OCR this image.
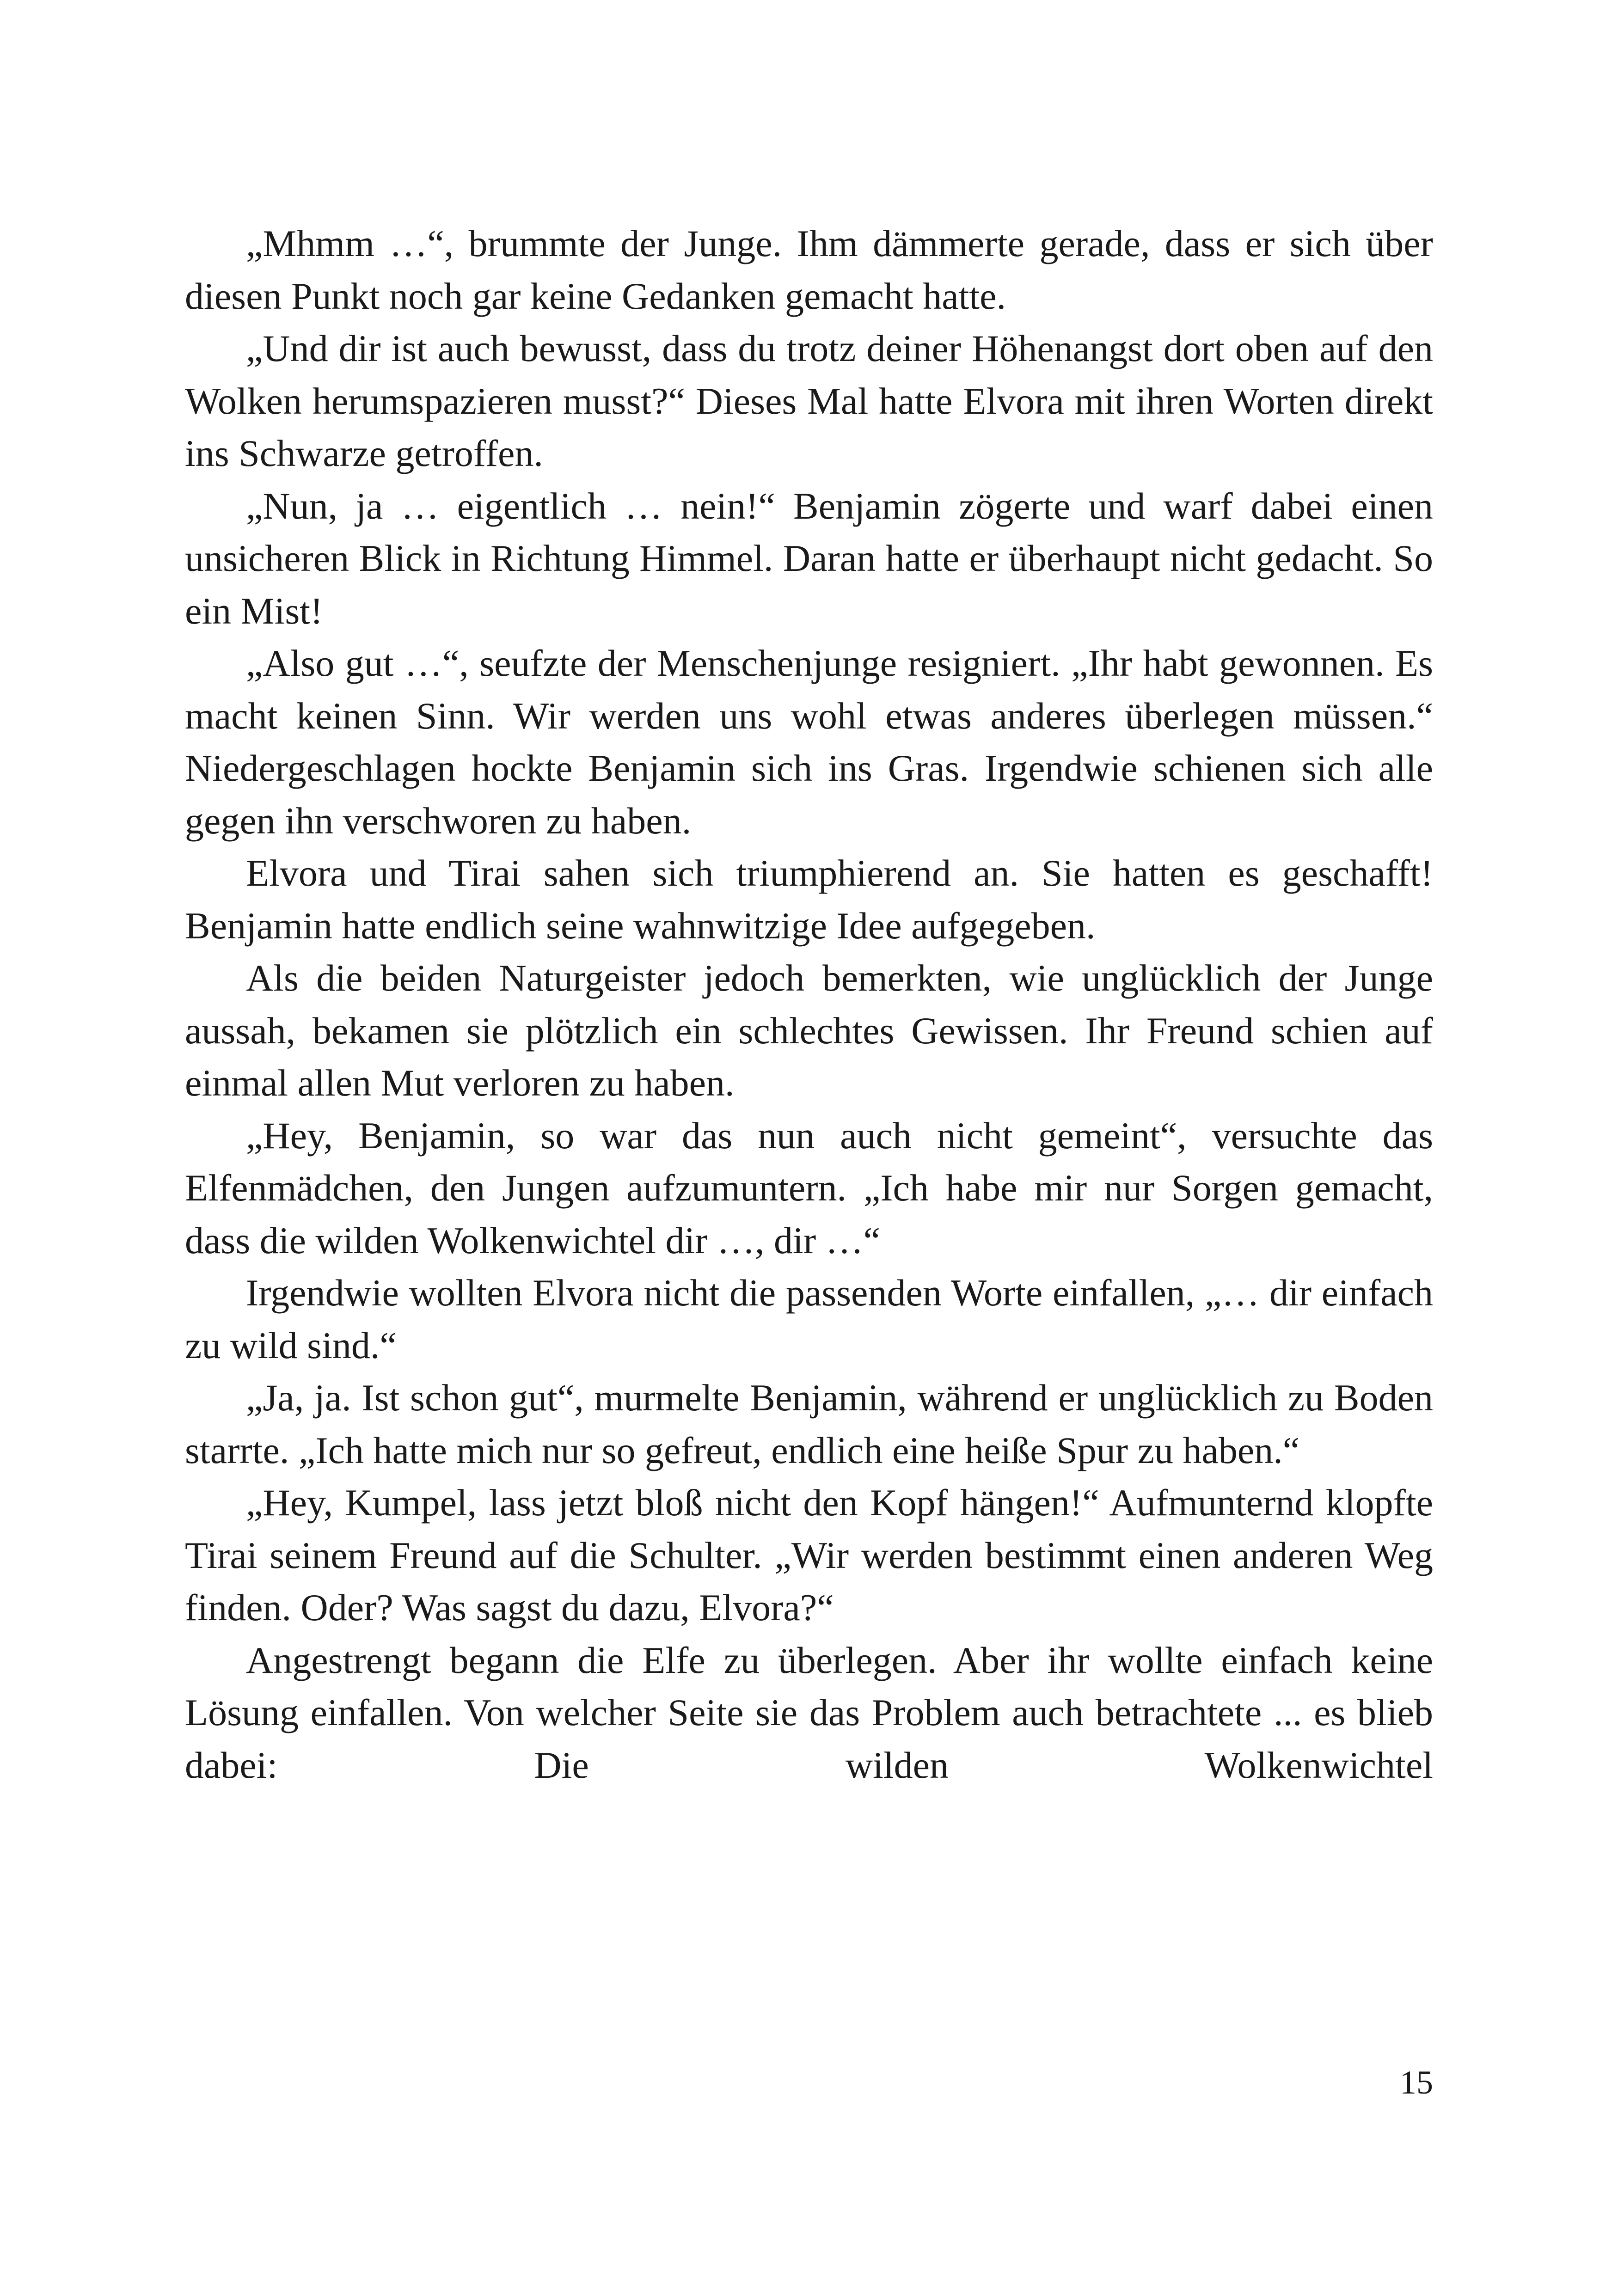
„Mhmm …“, brummte der Junge. Ihm dämmerte gerade, dass er sich über diesen Punkt noch gar keine Gedanken gemacht hatte.

„Und dir ist auch bewusst, dass du trotz deiner Höhenangst dort oben auf den Wolken herumspazieren musst?“ Dieses Mal hatte Elvora mit ihren Worten direkt ins Schwarze getroffen.

„Nun, ja … eigentlich … nein!“ Benjamin zögerte und warf dabei einen unsicheren Blick in Richtung Himmel. Daran hatte er überhaupt nicht gedacht. So ein Mist!

„Also gut …“, seufzte der Menschenjunge resigniert. „Ihr habt gewonnen. Es macht keinen Sinn. Wir werden uns wohl etwas anderes überlegen müssen.“ Niedergeschlagen hockte Benjamin sich ins Gras. Irgendwie schienen sich alle gegen ihn verschworen zu haben.

Elvora und Tirai sahen sich triumphierend an. Sie hatten es geschafft! Benjamin hatte endlich seine wahnwitzige Idee aufgegeben.

Als die beiden Naturgeister jedoch bemerkten, wie unglücklich der Junge aussah, bekamen sie plötzlich ein schlechtes Gewissen. Ihr Freund schien auf einmal allen Mut verloren zu haben.

„Hey, Benjamin, so war das nun auch nicht gemeint“, versuchte das Elfenmädchen, den Jungen aufzumuntern. „Ich habe mir nur Sorgen gemacht, dass die wilden Wolkenwichtel dir …, dir …“

Irgendwie wollten Elvora nicht die passenden Worte einfallen, „… dir einfach zu wild sind.“

„Ja, ja. Ist schon gut“, murmelte Benjamin, während er unglücklich zu Boden starrte. „Ich hatte mich nur so gefreut, endlich eine heiße Spur zu haben.“

„Hey, Kumpel, lass jetzt bloß nicht den Kopf hängen!“ Aufmunternd klopfte Tirai seinem Freund auf die Schulter. „Wir werden bestimmt einen anderen Weg finden. Oder? Was sagst du dazu, Elvora?“

Angestrengt begann die Elfe zu überlegen. Aber ihr wollte einfach keine Lösung einfallen. Von welcher Seite sie das Problem auch betrachtete ... es blieb dabei: Die wilden Wolkenwichtel

15
